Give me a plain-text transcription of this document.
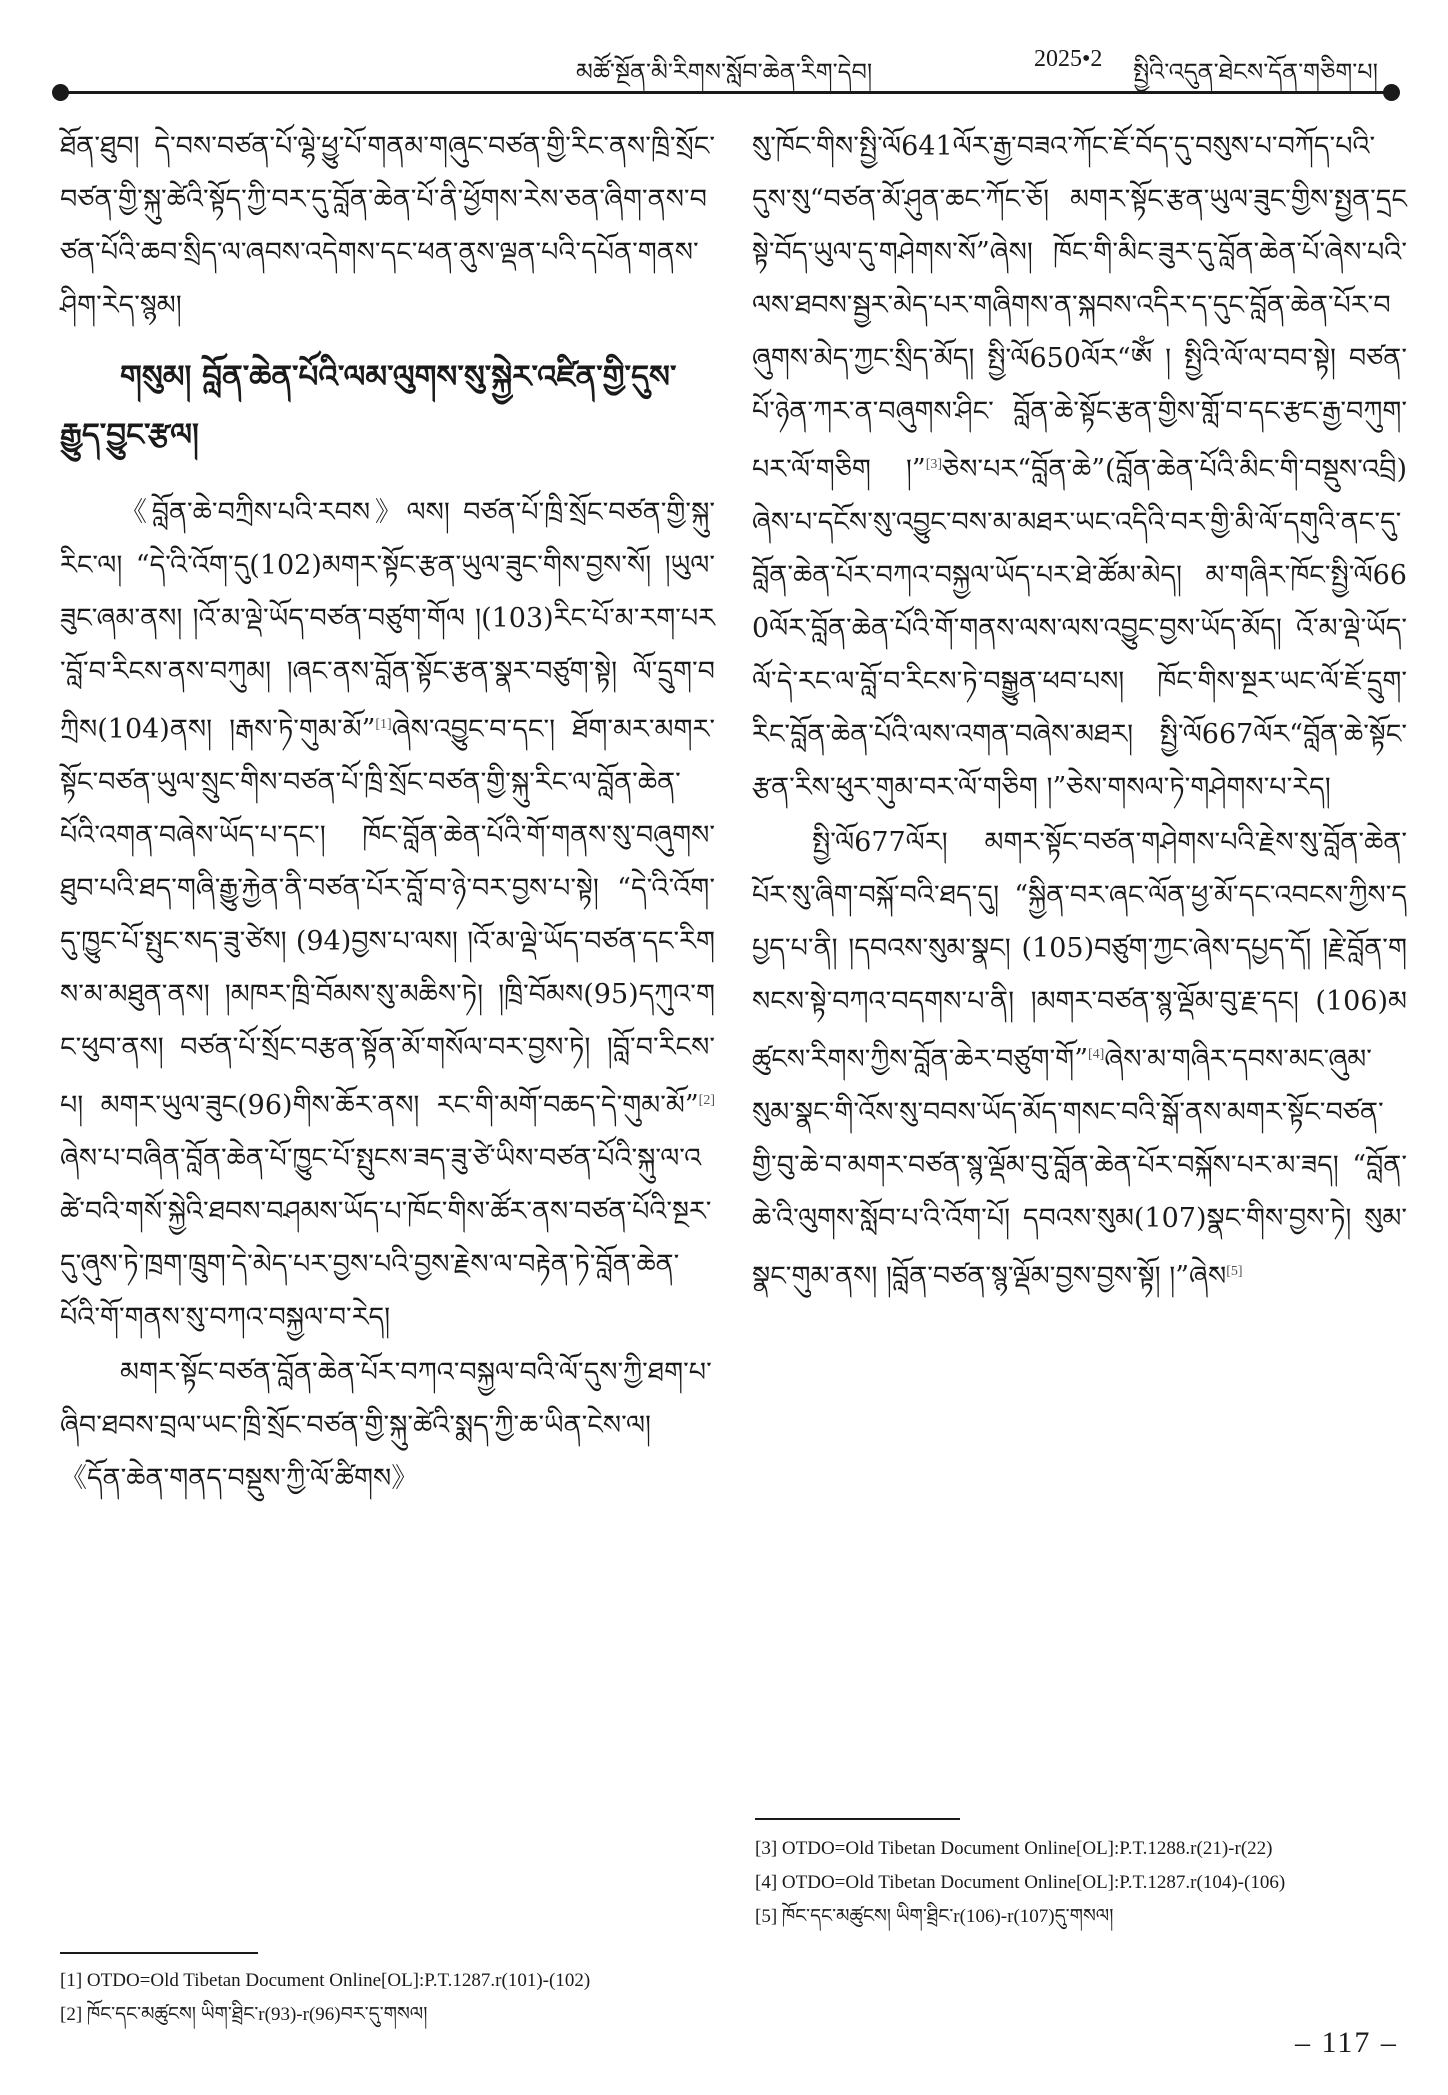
མཚོ་སྔོན་མི་རིགས་སློབ་ཆེན་རིག་དེབ།	2025•2 སྤྱིའི་འདུན་ཐེངས་དོན་གཅིག་པ།

ཐོན་ཐུབ། དེ་བས་བཙན་པོ་ལྷེ་ཕྱུ་པོ་གནམ་གཞུང་བཙན་གྱི་རིང་ནས་ཁྲི་སྲོང་བཙན་གྱི་སྐུ་ཚེའི་སྟོད་ཀྱི་བར་དུ་བློན་ཆེན་པོ་ནི་ཕྱོགས་རེས་ཅན་ཞིག་ནས་བཙན་པོའི་ཆབ་སྲིད་ལ་ཞབས་འདེགས་དང་ཕན་ནུས་ལྡན་པའི་དཔོན་གནས་ཤིག་རེད་སྙམ།

གསུམ། བློན་ཆེན་པོའི་ལམ་ལུགས་སུ་སྐྱེར་འཛིན་གྱི་དུས་རྒྱུད་བྱུང་རྩལ།

《བློན་ཆེ་བཀྲིས་པའི་རབས》ལས། བཙན་པོ་ཁྲི་སྲོང་བཙན་གྱི་སྐུ་རིང་ལ། “དེ་འི་འོག་དུ(102)མགར་སྟོང་རྩན་ཡུལ་ཟུང་གིས་བྱས་སོ། །ཡུལ་ཟུང་ཞམ་ནས། །འོ་མ་ལྡེ་ཡོད་བཙན་བཙུག་གོལ །(103)རིང་པོ་མ་རག་པར་བློ་བ་རིངས་ནས་བཀུམ། །ཞང་ནས་བློན་སྟོང་རྩན་སྣར་བཙུག་སྟེ། ལོ་དྲུག་བཀྲིས(104)ནས། །རྒས་ཏེ་གུམ་མོ”[1]ཞེས་འབྱུང་བ་དང་། ཐོག་མར་མགར་སྟོང་བཙན་ཡུལ་སྲུང་གིས་བཙན་པོ་ཁྲི་སྲོང་བཙན་གྱི་སྐུ་རིང་ལ་བློན་ཆེན་པོའི་འགན་བཞེས་ཡོད་པ་དང་། ཁོང་བློན་ཆེན་པོའི་གོ་གནས་སུ་བཞུགས་ཐུབ་པའི་ཐད་གཞི་རྒྱུ་རྐྱེན་ནི་བཙན་པོར་བློ་བ་ཉེ་བར་བྱས་པ་སྟེ། “དེ་འི་འོག་དུ་ཁྱུང་པོ་སྤུང་སད་ཟུ་ཙེས། (94)བྱས་པ་ལས། །འོ་མ་ལྡེ་ཡོད་བཙན་དང་རིགས་མ་མཐུན་ནས། །མཁར་ཁྲི་བོམས་སུ་མཆིས་ཏེ། །ཁྲི་བོམས(95)དཀུའ་གང་ཕུབ་ནས། བཙན་པོ་སྲོང་བརྩན་སྟོན་མོ་གསོལ་བར་བྱས་ཏེ། །བློ་བ་རིངས་པ། མགར་ཡུལ་ཟུང(96)གིས་ཆོར་ནས། རང་གི་མགོ་བཆད་དེ་གུམ་མོ”[2]ཞེས་པ་བཞིན་བློན་ཆེན་པོ་ཁྱུང་པོ་སྤུངས་ཟད་ཟུ་ཙེ་ཡིས་བཙན་པོའི་སྐུ་ལ་འཚེ་བའི་གསོ་སྐྱེའི་ཐབས་བཤམས་ཡོད་པ་ཁོང་གིས་ཚོར་ནས་བཙན་པོའི་སྔར་དུ་ཞུས་ཏེ་ཁྲག་ཁྲུག་དེ་མེད་པར་བྱས་པའི་བྱས་རྗེས་ལ་བརྟེན་ཏེ་བློན་ཆེན་པོའི་གོ་གནས་སུ་བཀའ་བསྐྱལ་བ་རེད།

མགར་སྟོང་བཙན་བློན་ཆེན་པོར་བཀའ་བསྐྱལ་བའི་ལོ་དུས་ཀྱི་ཐག་པ་ཞིབ་ཐབས་བྲལ་ཡང་ཁྲི་སྲོང་བཙན་གྱི་སྐུ་ཚེའི་སྨད་ཀྱི་ཆ་ཡིན་ངེས་ལ། 《དོན་ཆེན་གནད་བསྡུས་ཀྱི་ལོ་ཚིགས》

སུ་ཁོང་གིས་སྤྱི་ལོ641ལོར་རྒྱ་བཟའ་ཀོང་ཇོ་བོད་དུ་བསུས་པ་བཀོད་པའི་དུས་སུ“བཙན་མོ་ཤུན་ཆང་ཀོང་ཅོ། མགར་སྟོང་རྩན་ཡུལ་ཟུང་གྱིས་སྤྱན་དྲངསྟེ་བོད་ཡུལ་དུ་གཤེགས་སོ”ཞེས། ཁོང་གི་མིང་ཟུར་དུ་བློན་ཆེན་པོ་ཞེས་པའི་ལས་ཐབས་སྦྱར་མེད་པར་གཞིགས་ན་སྐབས་འདིར་ད་དུང་བློན་ཆེན་པོར་བཞུགས་མེད་ཀྱང་སྲིད་མོད། སྤྱི་ལོ650ལོར“ཨོཾ ། སྤྱིའི་ལོ་ལ་བབ་སྟེ། བཙན་པོ་ཉེན་ཀར་ན་བཞུགས་ཤིང་ བློན་ཆེ་སྟོང་རྩན་གྱིས་གློ་བ་དང་རྩང་རྒྱ་བཀུག་པར་ལོ་གཅིག །”[3]ཅེས་པར“བློན་ཆེ”(བློན་ཆེན་པོའི་མིང་གི་བསྡུས་འབྲི)ཞེས་པ་དངོས་སུ་འབྱུང་བས་མ་མཐར་ཡང་འདིའི་བར་གྱི་མི་ལོ་དགུའི་ནང་དུ་བློན་ཆེན་པོར་བཀའ་བསྐྱལ་ཡོད་པར་ཐེ་ཚོམ་མེད། མ་གཞིར་ཁོང་སྤྱི་ལོ660ལོར་བློན་ཆེན་པོའི་གོ་གནས་ལས་ལས་འབྱུང་བྱས་ཡོད་མོད། འོ་མ་ལྡེ་ཡོད་ལོ་དེ་རང་ལ་བློ་བ་རིངས་ཏེ་བསྒྱུན་ཕབ་པས། ཁོང་གིས་སྔར་ཡང་ལོ་ཇོ་དྲུག་རིང་བློན་ཆེན་པོའི་ལས་འགན་བཞེས་མཐར། སྤྱི་ལོ667ལོར“བློན་ཆེ་སྟོང་རྩན་རིས་ཕུར་གུམ་བར་ལོ་གཅིག །”ཅེས་གསལ་ཏེ་གཤེགས་པ་རེད།

སྤྱི་ལོ677ལོར། མགར་སྟོང་བཙན་གཤེགས་པའི་རྗེས་སུ་བློན་ཆེན་པོར་སུ་ཞིག་བསྐོ་བའི་ཐད་དུ། “སྐྱིན་བར་ཞང་ལོན་ཕྱ་མོ་དང་འབངས་ཀྱིས་དཔྱད་པ་ནི། །དབའས་སུམ་སྣང། (105)བཙུག་ཀྱང་ཞེས་དཔྱད་དོ། །རྗེ་བློན་གསངས་སྟེ་བཀའ་བདགས་པ་ནི། །མགར་བཙན་སྙ་ལྡོམ་བུ་རྗ་དང། (106)མཚུངས་རིགས་ཀྱིས་བློན་ཆེར་བཙུག་གོ”[4]ཞེས་མ་གཞིར་དབས་མང་ཞུམ་སུམ་སྣང་གི་འོས་སུ་བབས་ཡོད་མོད་གསང་བའི་སྒོ་ནས་མགར་སྟོང་བཙན་གྱི་བུ་ཆེ་བ་མགར་བཙན་སྙ་ལྡོམ་བུ་བློན་ཆེན་པོར་བསྐོས་པར་མ་ཟད། “བློན་ཆེ་འི་ལུགས་སློབ་པ་འི་འོག་པོ། དབའས་སུམ(107)སྣང་གིས་བྱས་ཏེ། སུམ་སྣང་གུམ་ནས། །བློན་བཙན་སྙ་ལྡོམ་བྱས་བྱས་སྟོ། །”ཞེས[5]

[1] OTDO=Old Tibetan Document Online[OL]:P.T.1287.r(101)-(102)
[2] ཁོང་དང་མཚུངས། ཡིག་ཐྲིང་r(93)-r(96)བར་དུ་གསལ།
[3] OTDO=Old Tibetan Document Online[OL]:P.T.1288.r(21)-r(22)
[4] OTDO=Old Tibetan Document Online[OL]:P.T.1287.r(104)-(106)
[5] ཁོང་དང་མཚུངས། ཡིག་ཐྲིང་r(106)-r(107)དུ་གསལ།
– 117 –
